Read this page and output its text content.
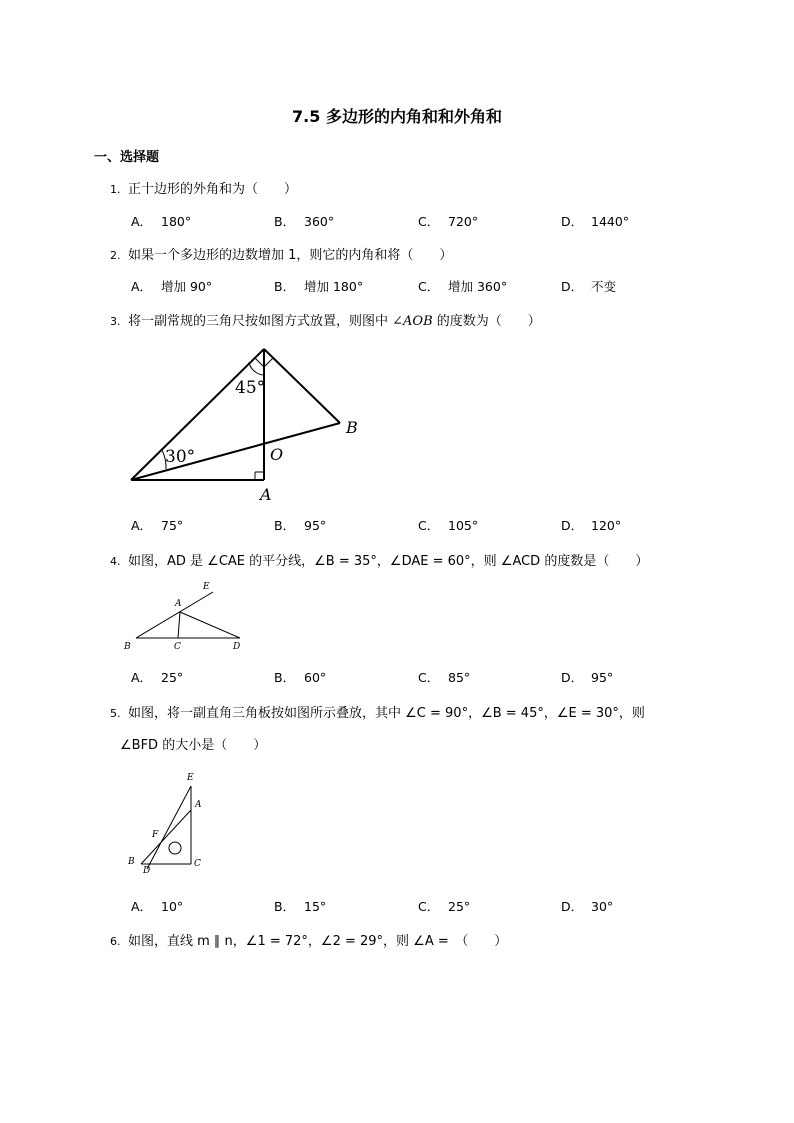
7.5 多边形的内角和和外角和
一、选择题
1. 正十边形的外角和为（　　）
A． 180°	B． 360°	C． 720°	D． 1440°
2. 如果一个多边形的边数增加 1，则它的内角和将（　　）
A． 增加 90°	B． 增加 180°	C． 增加 360°	D． 不变
3. 将一副常规的三角尺按如图方式放置，则图中 ∠AOB 的度数为（　　）
45°
30°	O
A
B
A． 75°	B． 95°	C． 105°	D． 120°
4. 如图，AD 是 ∠CAE 的平分线，∠B = 35°，∠DAE = 60°，则 ∠ACD 的度数是（　　）
E
A
B	C	D
A． 25°	B． 60°	C． 85°	D． 95°
5. 如图，将一副直角三角板按如图所示叠放，其中 ∠C = 90°，∠B = 45°，∠E = 30°，则
∠BFD 的大小是（　　）
E
A
F
B
D
C
A． 10°	B． 15°	C． 25°	D． 30°
6. 如图，直线 m ∥ n，∠1 = 72°，∠2 = 29°，则 ∠A =　（　　）
